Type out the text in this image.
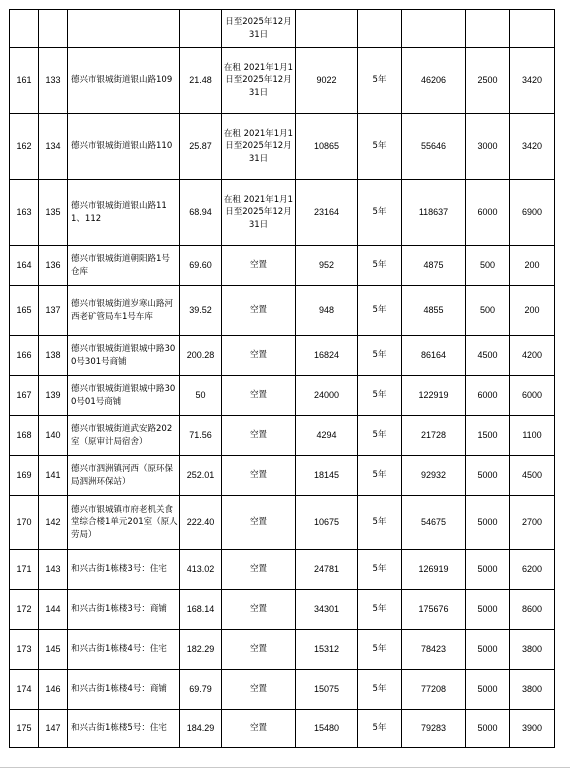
				日至2025年12月31日					
161	133	德兴市银城街道银山路109	21.48	在租 2021年1月1日至2025年12月31日	9022	5年	46206	2500	3420
162	134	德兴市银城街道银山路110	25.87	在租 2021年1月1日至2025年12月31日	10865	5年	55646	3000	3420
163	135	德兴市银城街道银山路111、112	68.94	在租 2021年1月1日至2025年12月31日	23164	5年	118637	6000	6900
164	136	德兴市银城街道朝阳路1号仓库	69.60	空置	952	5年	4875	500	200
165	137	德兴市银城街道岁寒山路河西老矿管局车1号车库	39.52	空置	948	5年	4855	500	200
166	138	德兴市银城街道银城中路300号301号商铺	200.28	空置	16824	5年	86164	4500	4200
167	139	德兴市银城街道银城中路300号01号商铺	50	空置	24000	5年	122919	6000	6000
168	140	德兴市银城街道武安路202室（原审计局宿舍）	71.56	空置	4294	5年	21728	1500	1100
169	141	德兴市泗洲镇河西（原环保局泗洲环保站）	252.01	空置	18145	5年	92932	5000	4500
170	142	德兴市银城镇市府老机关食堂综合楼1单元201室（原人劳局）	222.40	空置	10675	5年	54675	5000	2700
171	143	和兴古街1栋楼3号：住宅	413.02	空置	24781	5年	126919	5000	6200
172	144	和兴古街1栋楼3号：商铺	168.14	空置	34301	5年	175676	5000	8600
173	145	和兴古街1栋楼4号：住宅	182.29	空置	15312	5年	78423	5000	3800
174	146	和兴古街1栋楼4号：商铺	69.79	空置	15075	5年	77208	5000	3800
175	147	和兴古街1栋楼5号：住宅	184.29	空置	15480	5年	79283	5000	3900
